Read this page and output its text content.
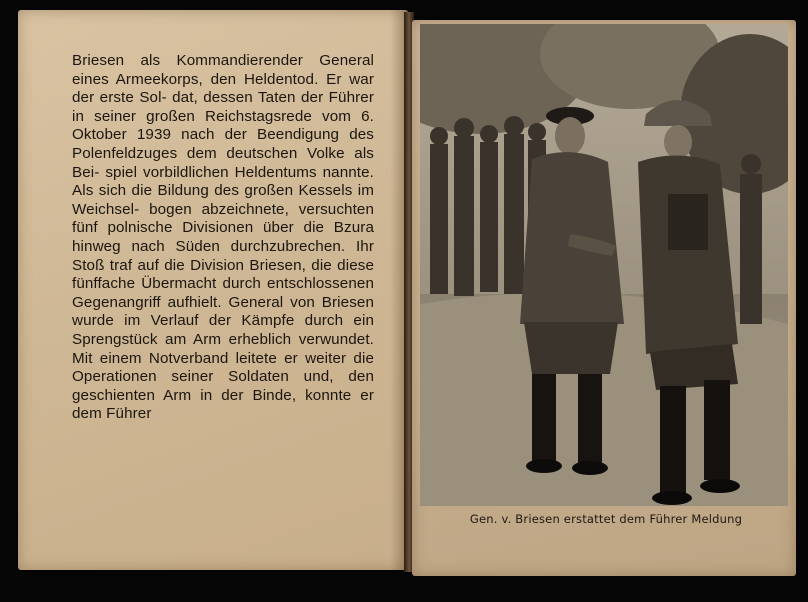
Briesen als Kommandierender General eines Armeekorps, den Heldentod. Er war der erste Sol- dat, dessen Taten der Führer in seiner großen Reichstagsrede vom 6. Oktober 1939 nach der Beendigung des Polenfeldzuges dem deutschen Volke als Bei- spiel vorbildlichen Heldentums nannte. Als sich die Bildung des großen Kessels im Weichsel- bogen abzeichnete, versuchten fünf polnische Divisionen über die Bzura hinweg nach Süden durchzubrechen. Ihr Stoß traf auf die Division Briesen, die diese fünffache Übermacht durch entschlossenen Gegenangriff aufhielt. General von Briesen wurde im Verlauf der Kämpfe durch ein Sprengstück am Arm erheblich verwundet. Mit einem Notverband leitete er weiter die Operationen seiner Soldaten und, den geschienten Arm in der Binde, konnte er dem Führer

Gen. v. Briesen erstattet dem Führer Meldung
